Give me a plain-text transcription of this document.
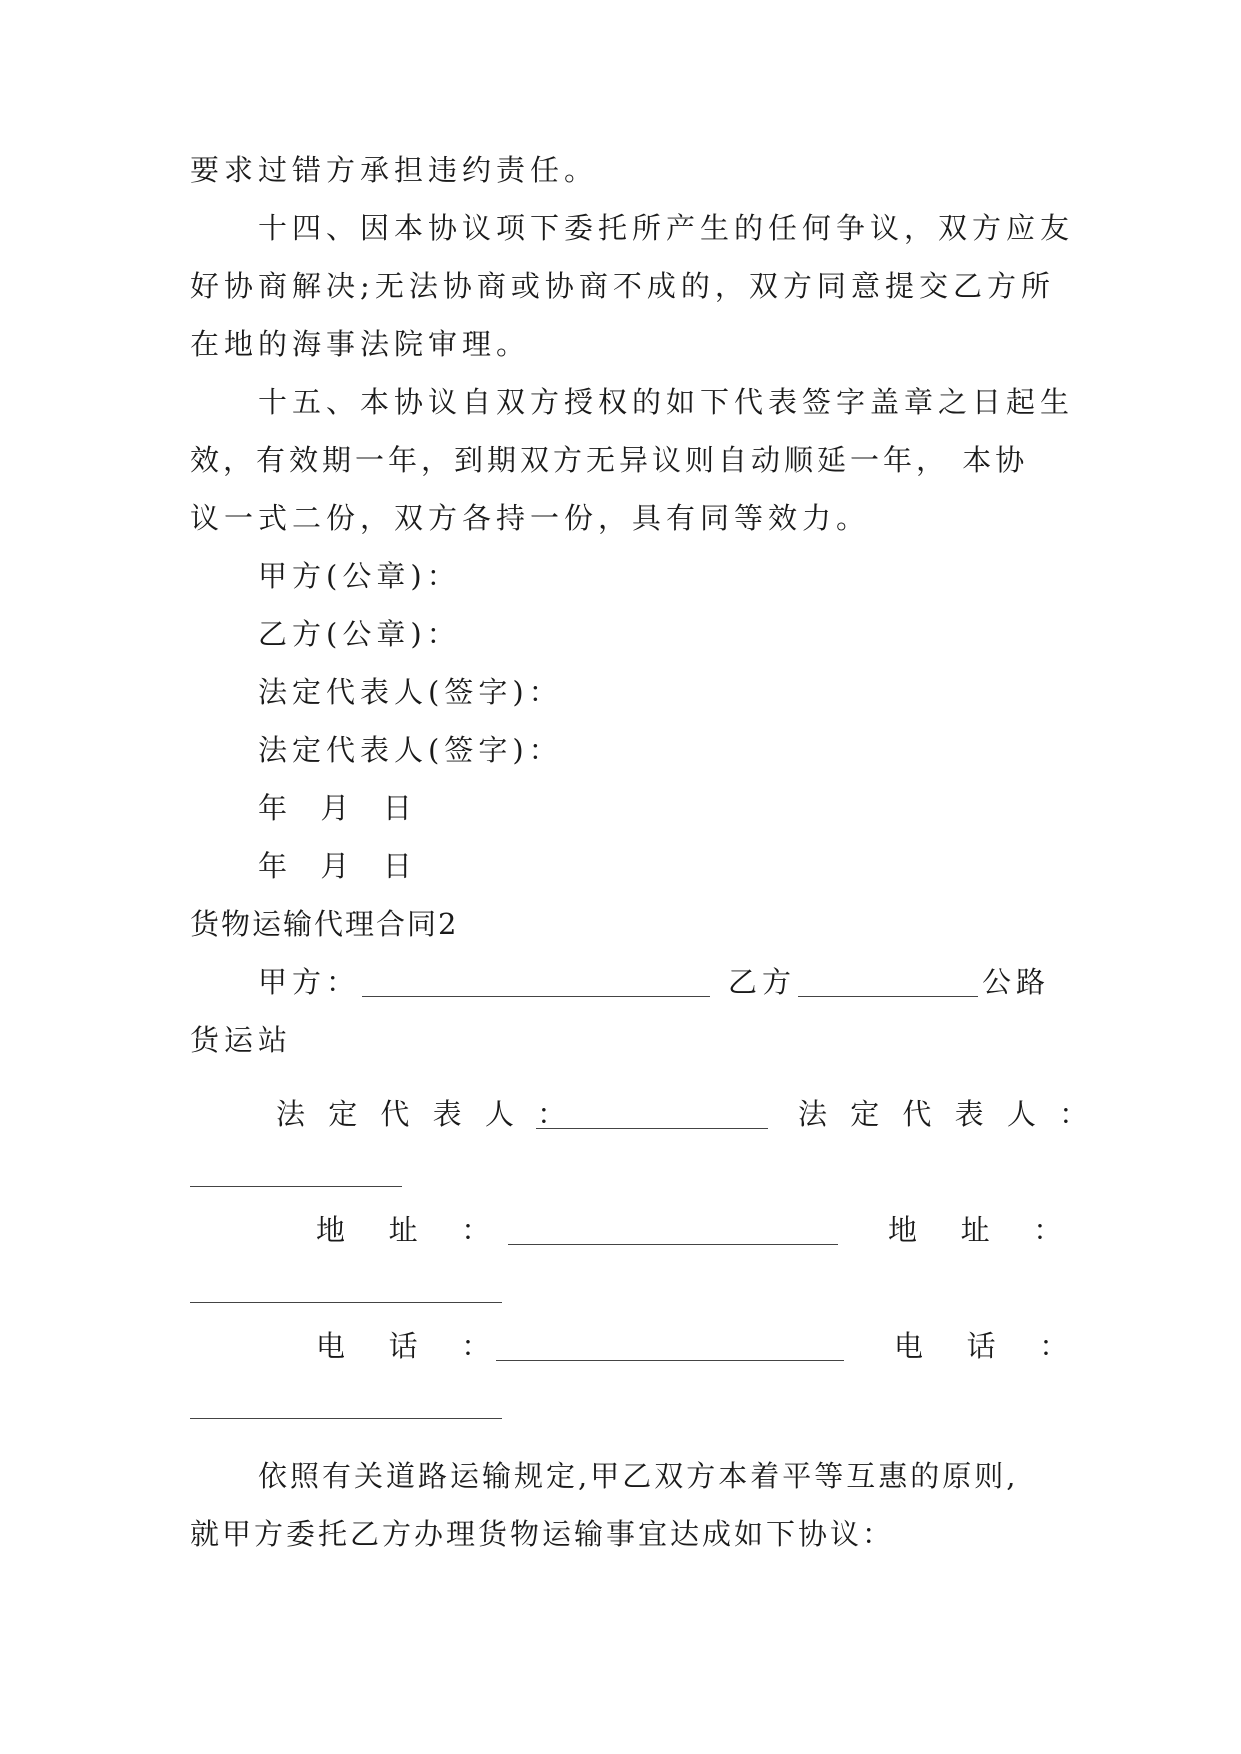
要求过错方承担违约责任。
十四、因本协议项下委托所产生的任何争议，双方应友
好协商解决;无法协商或协商不成的，双方同意提交乙方所
在地的海事法院审理。
十五、本协议自双方授权的如下代表签字盖章之日起生
效，有效期一年，到期双方无异议则自动顺延一年， 本协
议一式二份，双方各持一份，具有同等效力。
甲方(公章)：
乙方(公章)：
法定代表人(签字)：
法定代表人(签字)：
年  月  日
年  月  日
货物运输代理合同2
甲方：	乙方	公路
货运站
法 定 代 表 人 ：	法 定 代 表 人 ：
地   址   ：	地   址   ：
电   话   ：	电   话   ：
依照有关道路运输规定,甲乙双方本着平等互惠的原则,
就甲方委托乙方办理货物运输事宜达成如下协议：
